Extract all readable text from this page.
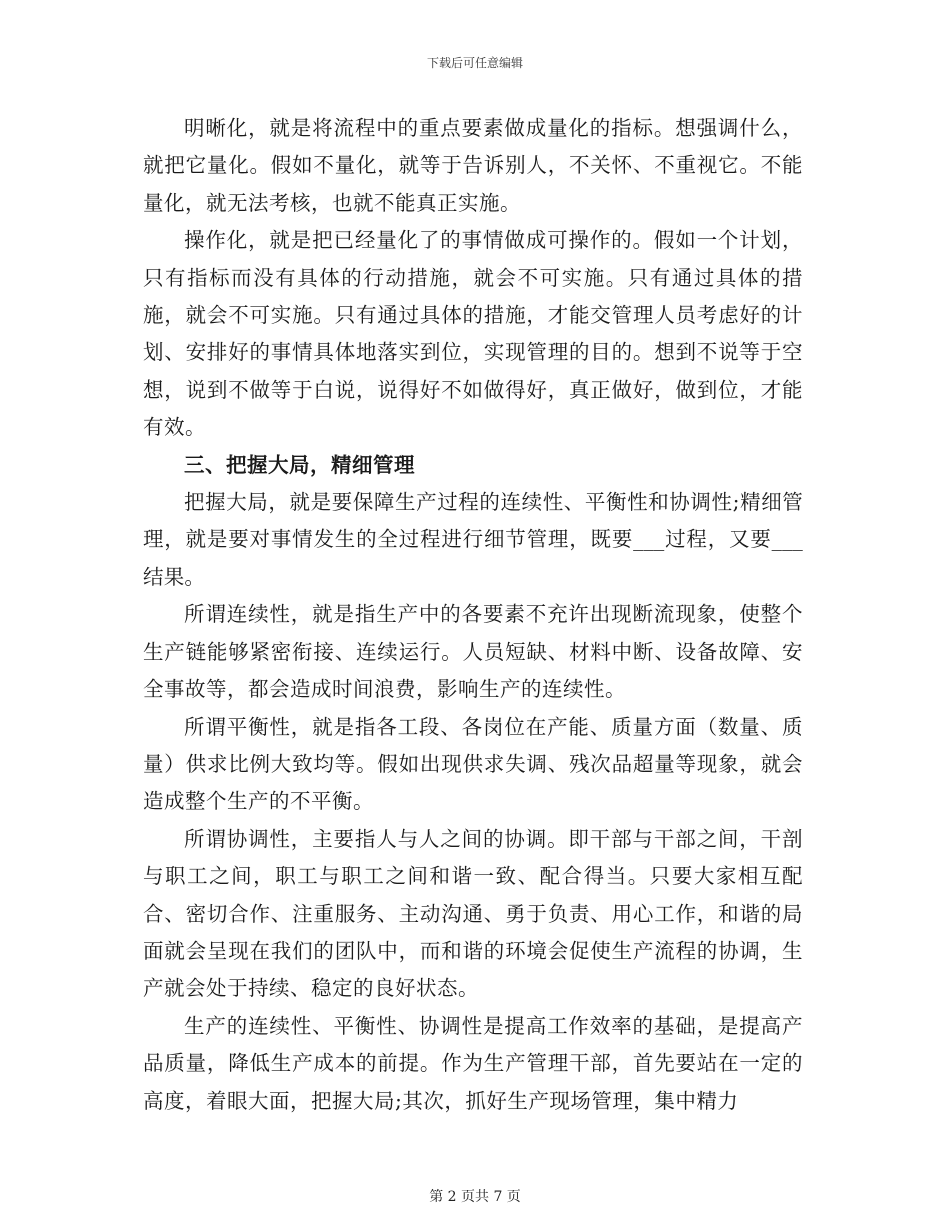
下载后可任意编辑

明晰化，就是将流程中的重点要素做成量化的指标。想强调什么，就把它量化。假如不量化，就等于告诉别人，不关怀、不重视它。不能量化，就无法考核，也就不能真正实施。

操作化，就是把已经量化了的事情做成可操作的。假如一个计划，只有指标而没有具体的行动措施，就会不可实施。只有通过具体的措施，就会不可实施。只有通过具体的措施，才能交管理人员考虑好的计划、安排好的事情具体地落实到位，实现管理的目的。想到不说等于空想，说到不做等于白说，说得好不如做得好，真正做好，做到位，才能有效。

三、把握大局，精细管理

把握大局，就是要保障生产过程的连续性、平衡性和协调性;精细管理，就是要对事情发生的全过程进行细节管理，既要___过程，又要___结果。

所谓连续性，就是指生产中的各要素不充许出现断流现象，使整个生产链能够紧密衔接、连续运行。人员短缺、材料中断、设备故障、安全事故等，都会造成时间浪费，影响生产的连续性。

所谓平衡性，就是指各工段、各岗位在产能、质量方面（数量、质量）供求比例大致均等。假如出现供求失调、残次品超量等现象，就会造成整个生产的不平衡。

所谓协调性，主要指人与人之间的协调。即干部与干部之间，干剖与职工之间，职工与职工之间和谐一致、配合得当。只要大家相互配合、密切合作、注重服务、主动沟通、勇于负责、用心工作，和谐的局面就会呈现在我们的团队中，而和谐的环境会促使生产流程的协调，生产就会处于持续、稳定的良好状态。

生产的连续性、平衡性、协调性是提高工作效率的基础，是提高产品质量，降低生产成本的前提。作为生产管理干部，首先要站在一定的高度，着眼大面，把握大局;其次，抓好生产现场管理，集中精力

第 2 页共 7 页
